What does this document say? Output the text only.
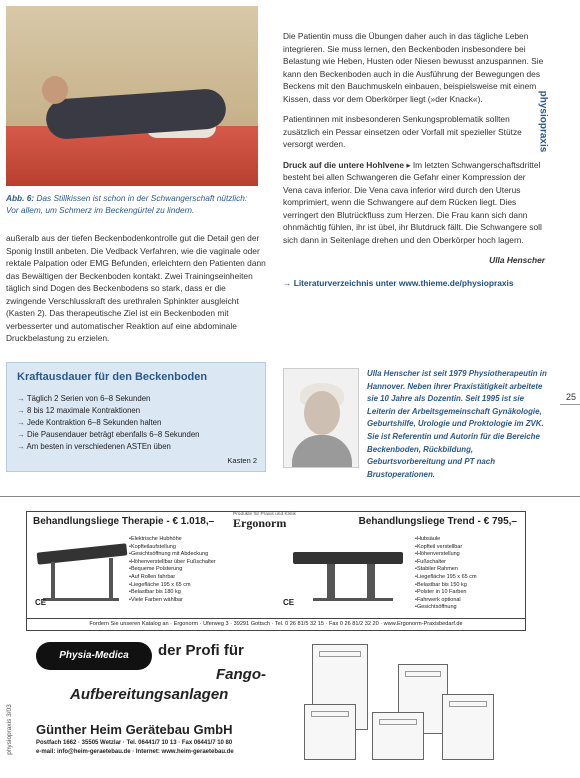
Abb. 6: Das Stillkissen ist schon in der Schwangerschaft nützlich: Vor allem, um Schmerz im Beckengürtel zu lindern.

außeralb aus der tiefen Beckenbodenkontrolle gut die Detail gen der Sponig Instill anbeten. Die Vedback Verfahren, wie die vaginale oder rektale Palpation oder EMG Befunden, erleichtern den Patienten dann das Bewältigen der Beckenboden kontakt. Zwei Trainingseinheiten täglich sind Dogen des Beckenbodens so stark, dass er die zwingende Verschlusskraft des urethralen Sphinkter ausgleicht (Kasten 2). Das therapeutische Ziel ist ein Beckenboden mit verbesserter und automatischer Reaktion auf eine abdominale Druckbelastung zu erzielen.

Die Patientin muss die Übungen daher auch in das tägliche Leben integrieren. Sie muss lernen, den Beckenboden insbesondere bei Belastung wie Heben, Husten oder Niesen bewusst anzuspannen. Sie kann den Beckenboden auch in die Ausführung der Bewegungen des Beckens mit den Bauchmuskeln einbauen, beispielsweise mit einem Kissen, dass vor dem Oberkörper liegt (»der Knack«).

Patientinnen mit insbesonderen Senkungsproblematik sollten zusätzlich ein Pessar einsetzen oder Vorfall mit spezieller Stütze versorgt werden.

Druck auf die untere Hohlvene ▸ Im letzten Schwangerschaftsdrittel besteht bei allen Schwangeren die Gefahr einer Kompression der Vena cava inferior. Die Vena cava inferior wird durch den Uterus komprimiert, wenn die Schwangere auf dem Rücken liegt. Dies verringert den Blutrückfluss zum Herzen. Die Frau kann sich dann ohnmächtig fühlen, ihr ist übel, ihr Blutdruck fällt. Die Schwangere soll sich dann in Seitenlage drehen und den Oberkörper hoch lagern.

Ulla Henscher

→ Literaturverzeichnis unter www.thieme.de/physiopraxis

physiopraxis
25
Kraftausdauer für den Beckenboden
→ Täglich 2 Serien von 6–8 Sekunden
→ 8 bis 12 maximale Kontraktionen
→ Jede Kontraktion 6–8 Sekunden halten
→ Die Pausendauer beträgt ebenfalls 6–8 Sekunden
→ Am besten in verschiedenen ASTEn üben
Kasten 2

Ulla Henscher ist seit 1979 Physiotherapeutin in Hannover. Neben ihrer Praxistätigkeit arbeitete sie 10 Jahre als Dozentin. Seit 1995 ist sie Leiterin der Arbeitsgemeinschaft Gynäkologie, Geburtshilfe, Urologie und Proktologie im ZVK. Sie ist Referentin und Autorin für die Bereiche Beckenboden, Rückbildung, Geburtsvorbereitung und PT nach Brustoperationen.

Behandlungsliege Therapie - € 1.018,–
Produkte für Praxis und Klinik
Ergonorm	Behandlungsliege Trend - € 795,–
CE
• Elektrische Hubhöhe
• Kopfteilaufstellung
• Gesichtsöffnung mit Abdeckung
• Höhenverstellbar über Fußschalter
• Bequeme Polsterung
• Auf Rollen fahrbar
• Liegefläche 195 x 65 cm
• Belastbar bis 180 kg
• Viele Farben wählbar	CE
• Hubsäule
• Kopfteil verstellbar
• Höhenverstellung
• Fußschalter
• Stabiler Rahmen
• Liegefläche 195 x 65 cm
• Belastbar bis 150 kg
• Polster in 10 Farben
• Fahrwerk optional
• Gesichtsöffnung
Fordern Sie unseren Katalog an · Ergonorm · Uferweg 3 · 39291 Gottsch · Tel. 0 26 81/5 32 15 · Fax 0 26 81/2 32 20 · www.Ergonorm-Praxisbedarf.de
Physia-Medica	der Profi für
Fango-
Aufbereitungsanlagen
Günther Heim Gerätebau GmbH
Postfach 1662 · 35505 Wetzlar · Tel. 06441/7 10 13 · Fax 06441/7 10 80
e-mail: info@heim-geraetebau.de · Internet: www.heim-geraetebau.de
physiopraxis 3/03
